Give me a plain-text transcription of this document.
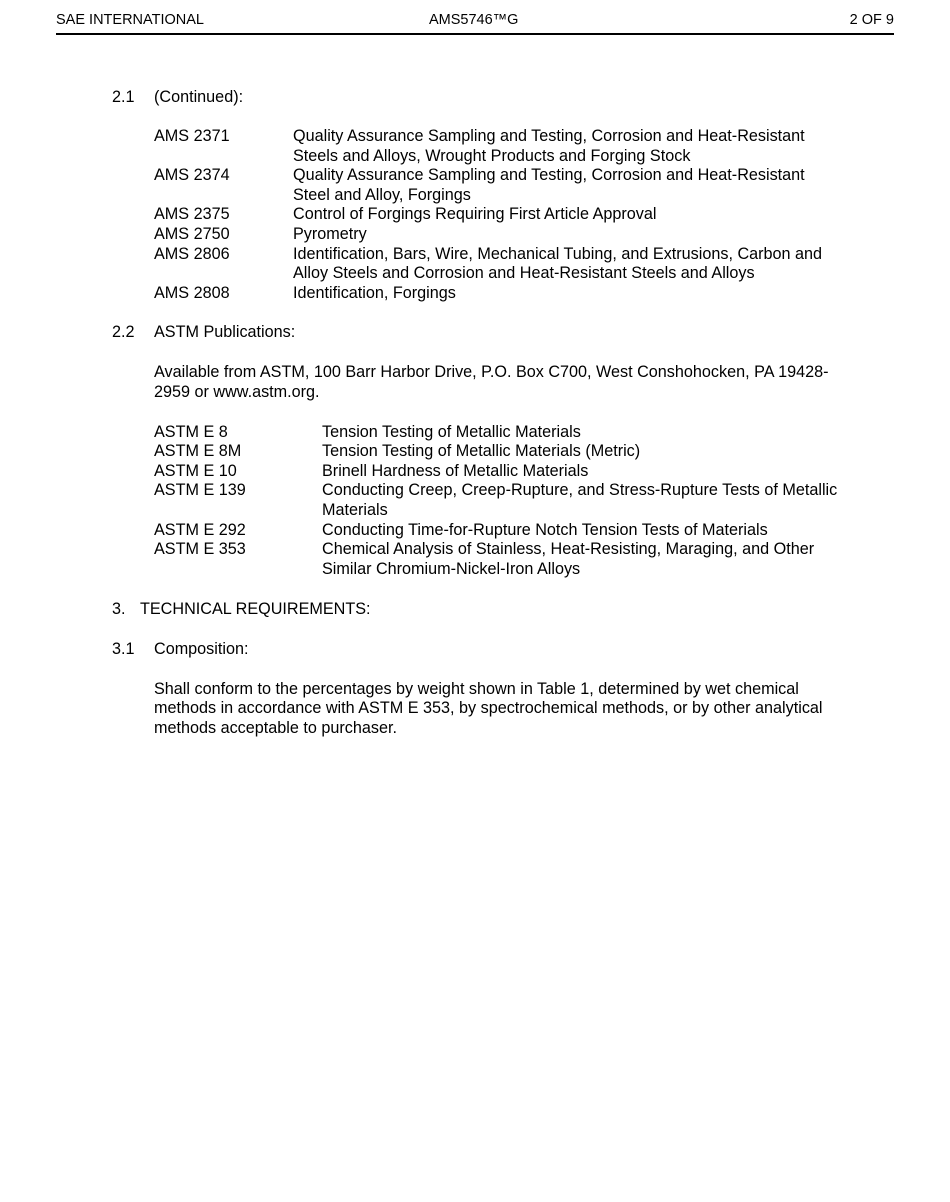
SAE INTERNATIONAL	AMS5746™G	2 OF 9
2.1 (Continued):
AMS 2371	Quality Assurance Sampling and Testing, Corrosion and Heat-Resistant
Steels and Alloys, Wrought Products and Forging Stock
AMS 2374	Quality Assurance Sampling and Testing, Corrosion and Heat-Resistant
Steel and Alloy, Forgings
AMS 2375	Control of Forgings Requiring First Article Approval
AMS 2750	Pyrometry
AMS 2806	Identification, Bars, Wire, Mechanical Tubing, and Extrusions, Carbon and
Alloy Steels and Corrosion and Heat-Resistant Steels and Alloys
AMS 2808	Identification, Forgings
2.2 ASTM Publications:
Available from ASTM, 100 Barr Harbor Drive, P.O. Box C700, West Conshohocken, PA 19428-
2959 or www.astm.org.
ASTM E 8	Tension Testing of Metallic Materials
ASTM E 8M	Tension Testing of Metallic Materials (Metric)
ASTM E 10	Brinell Hardness of Metallic Materials
ASTM E 139	Conducting Creep, Creep-Rupture, and Stress-Rupture Tests of Metallic
Materials
ASTM E 292	Conducting Time-for-Rupture Notch Tension Tests of Materials
ASTM E 353	Chemical Analysis of Stainless, Heat-Resisting, Maraging, and Other
Similar Chromium-Nickel-Iron Alloys
3. TECHNICAL REQUIREMENTS:
3.1 Composition:
Shall conform to the percentages by weight shown in Table 1, determined by wet chemical
methods in accordance with ASTM E 353, by spectrochemical methods, or by other analytical
methods acceptable to purchaser.
